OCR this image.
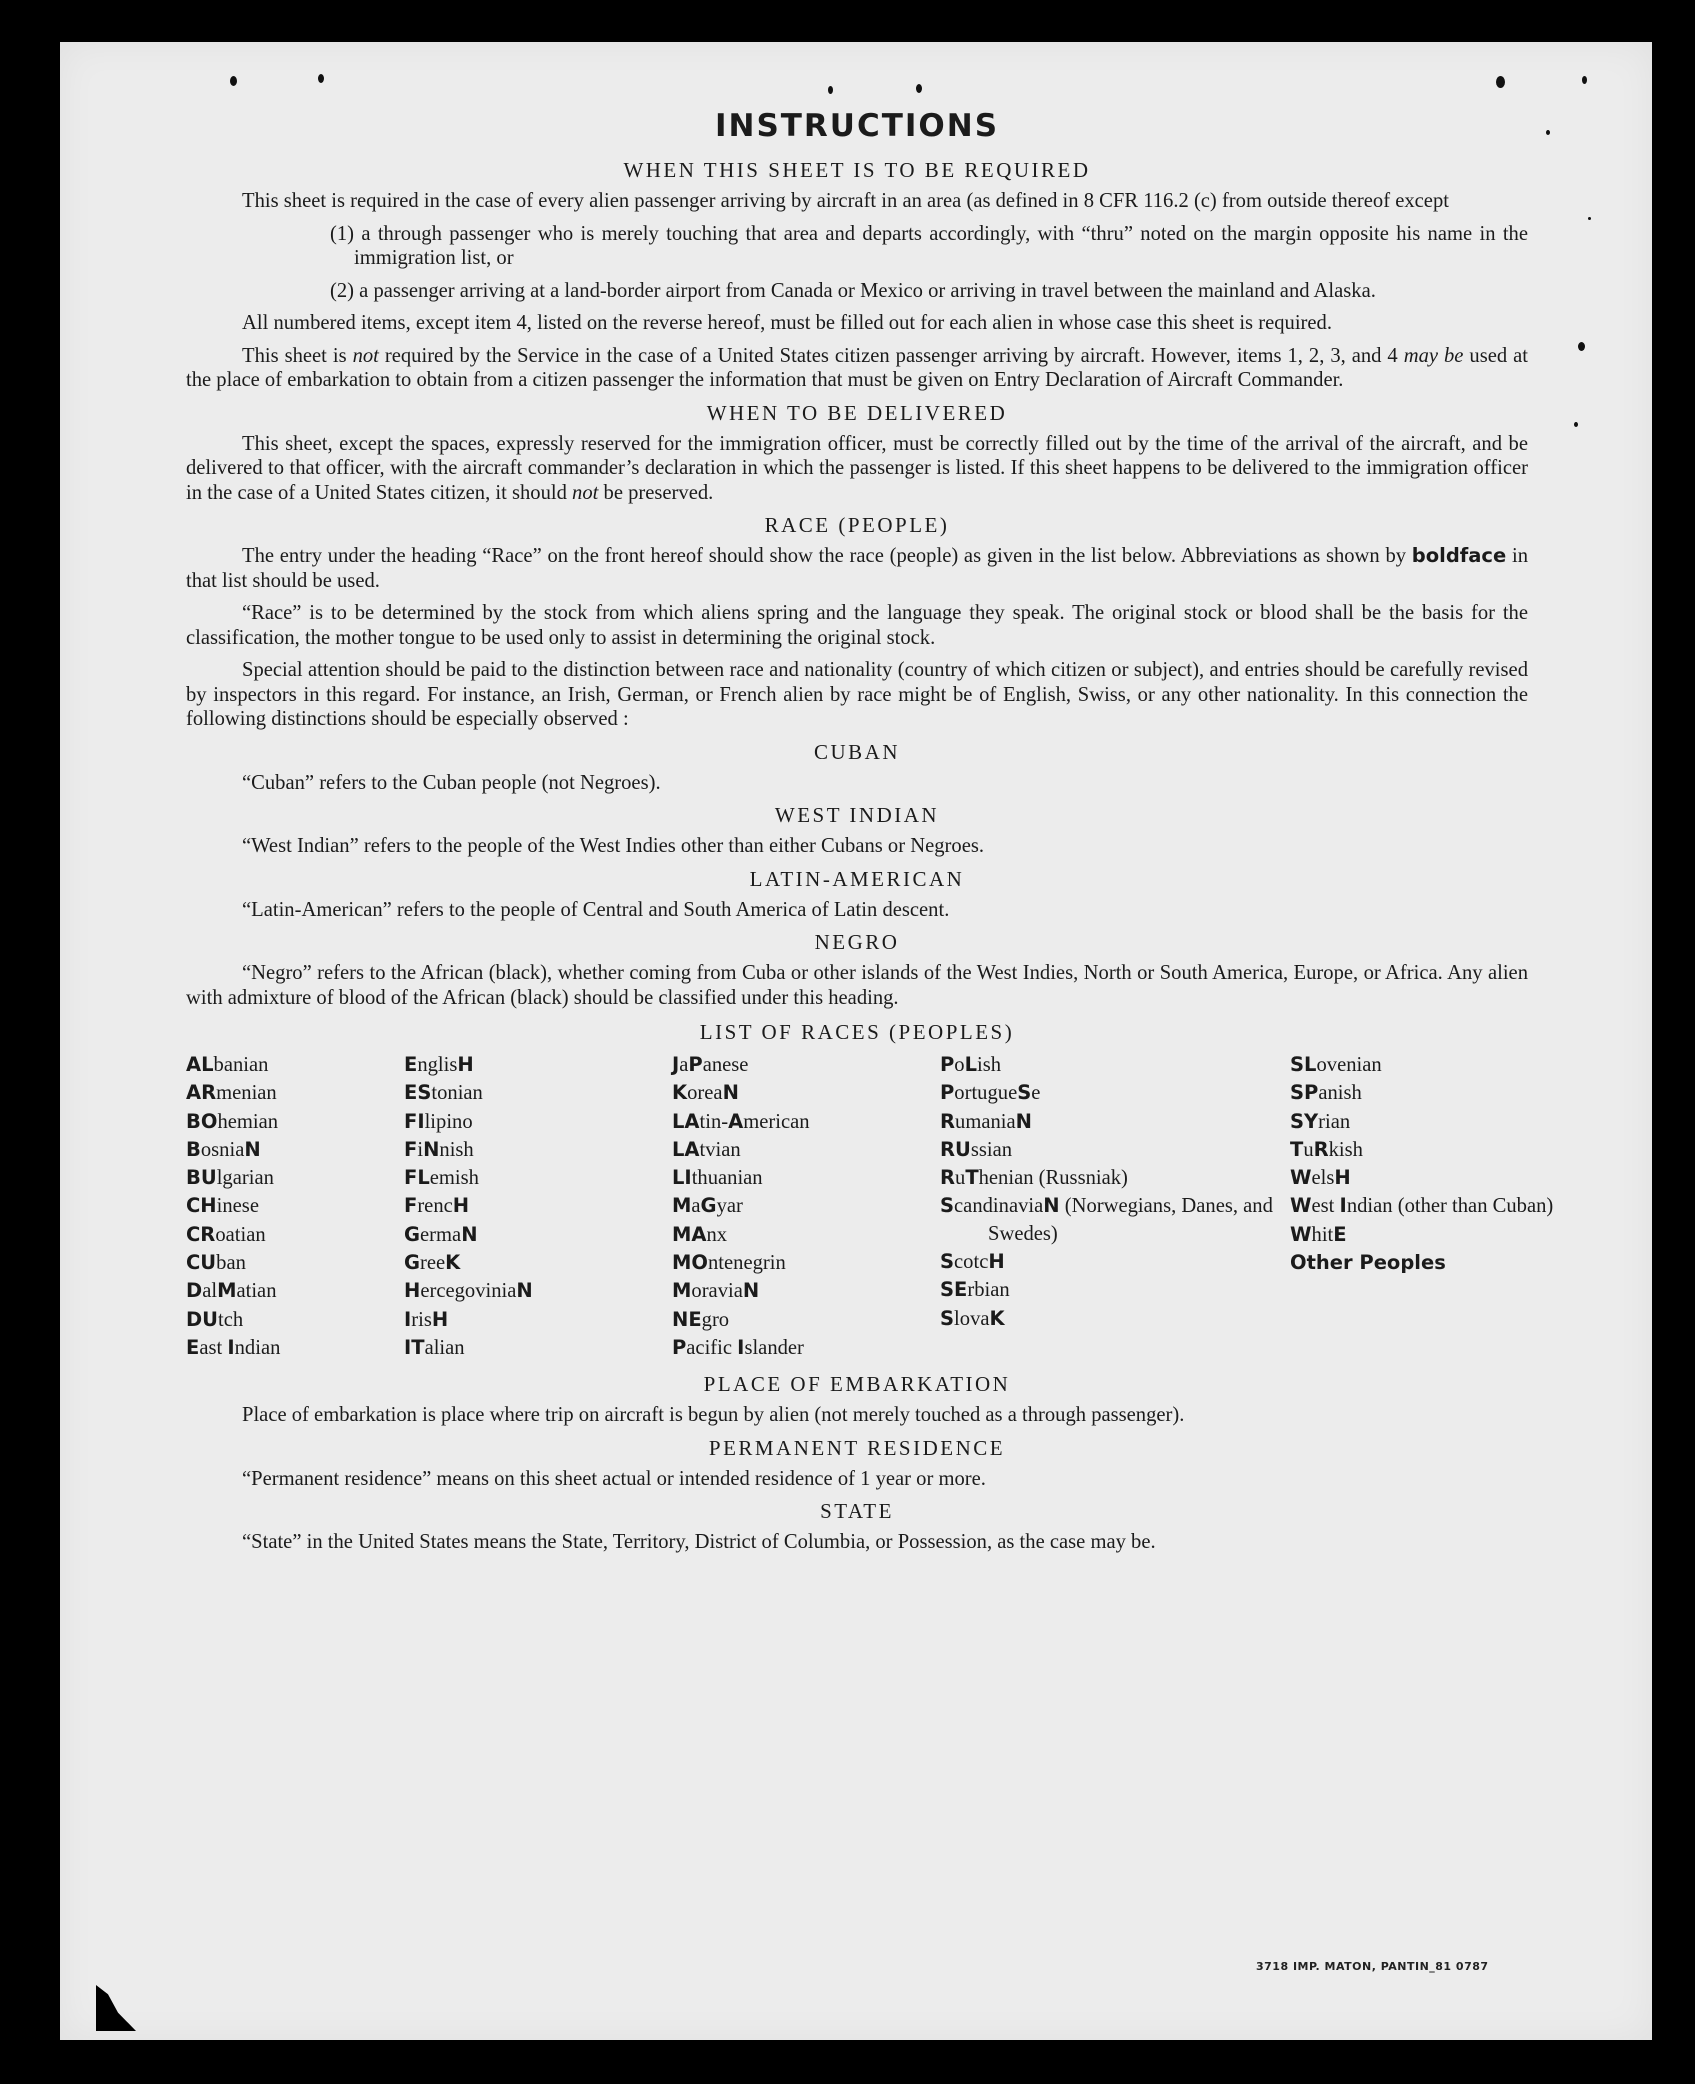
INSTRUCTIONS
WHEN THIS SHEET IS TO BE REQUIRED

This sheet is required in the case of every alien passenger arriving by aircraft in an area (as defined in 8 CFR 116.2 (c) from outside thereof except

(1) a through passenger who is merely touching that area and departs accordingly, with “thru” noted on the margin opposite his name in the immigration list, or

(2) a passenger arriving at a land-border airport from Canada or Mexico or arriving in travel between the mainland and Alaska.

All numbered items, except item 4, listed on the reverse hereof, must be filled out for each alien in whose case this sheet is required.

This sheet is not required by the Service in the case of a United States citizen passenger arriving by aircraft. However, items 1, 2, 3, and 4 may be used at the place of embarkation to obtain from a citizen passenger the information that must be given on Entry Declaration of Aircraft Commander.

WHEN TO BE DELIVERED

This sheet, except the spaces, expressly reserved for the immigration officer, must be correctly filled out by the time of the arrival of the aircraft, and be delivered to that officer, with the aircraft commander’s declaration in which the passenger is listed. If this sheet happens to be delivered to the immigration officer in the case of a United States citizen, it should not be preserved.

RACE (PEOPLE)

The entry under the heading “Race” on the front hereof should show the race (people) as given in the list below. Abbreviations as shown by boldface in that list should be used.

“Race” is to be determined by the stock from which aliens spring and the language they speak. The original stock or blood shall be the basis for the classification, the mother tongue to be used only to assist in determining the original stock.

Special attention should be paid to the distinction between race and nationality (country of which citizen or subject), and entries should be carefully revised by inspectors in this regard. For instance, an Irish, German, or French alien by race might be of English, Swiss, or any other nationality. In this connection the following distinctions should be especially observed :

CUBAN

“Cuban” refers to the Cuban people (not Negroes).

WEST INDIAN

“West Indian” refers to the people of the West Indies other than either Cubans or Negroes.

LATIN-AMERICAN

“Latin-American” refers to the people of Central and South America of Latin descent.

NEGRO

“Negro” refers to the African (black), whether coming from Cuba or other islands of the West Indies, North or South America, Europe, or Africa. Any alien with admixture of blood of the African (black) should be classified under this heading.

LIST OF RACES (PEOPLES)
ALbanian
ARmenian
BOhemian
BosniaN
BUlgarian
CHinese
CRoatian
CUban
DalMatian
DUtch
East Indian
EnglisH
EStonian
FIlipino
FiNnish
FLemish
FrencH
GermaN
GreeK
HercegoviniaN
IrisH
ITalian
JaPanese
KoreaN
LAtin-American
LAtvian
LIthuanian
MaGyar
MAnx
MOntenegrin
MoraviaN
NEgro
Pacific Islander
PoLish
PortugueSe
RumaniaN
RUssian
RuThenian (Russniak)
ScandinaviaN (Norwegians, Danes, and Swedes)
ScotcH
SErbian
SlovaK
SLovenian
SPanish
SYrian
TuRkish
WelsH
West Indian (other than Cuban)
WhitE
Other Peoples
PLACE OF EMBARKATION

Place of embarkation is place where trip on aircraft is begun by alien (not merely touched as a through passenger).

PERMANENT RESIDENCE

“Permanent residence” means on this sheet actual or intended residence of 1 year or more.

STATE

“State” in the United States means the State, Territory, District of Columbia, or Possession, as the case may be.

3718 IMP. MATON, PANTIN_81 0787
